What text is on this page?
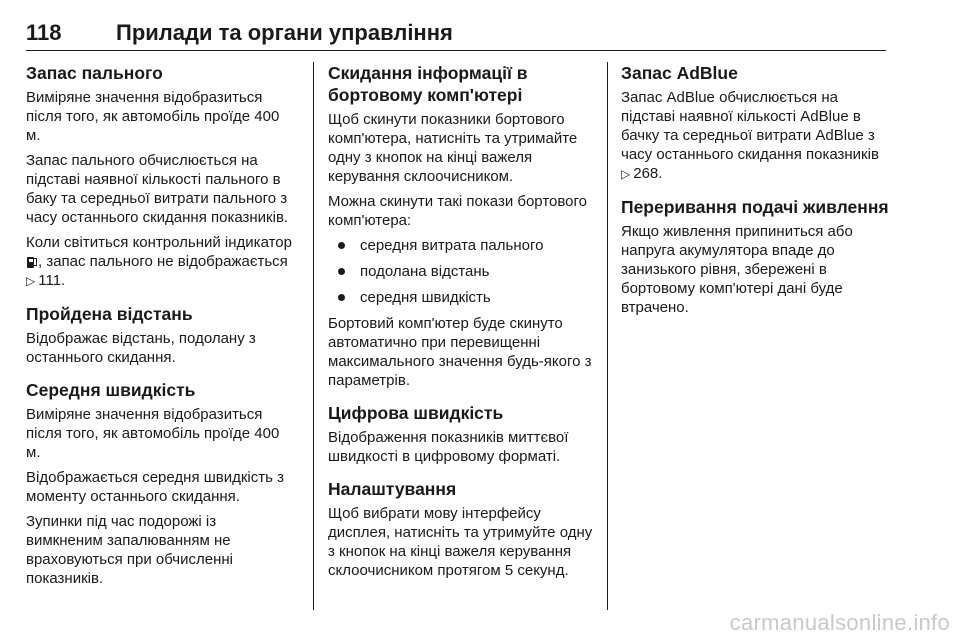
118 Прилади та органи управління
Запас пального

Виміряне значення відобразиться після того, як автомобіль проїде 400 м.

Запас пального обчислюється на підставі наявної кількості пального в баку та середньої витрати пального з часу останнього скидання показників.

Коли світиться контрольний індикатор
, запас пального не відображається ▷ 111.

Пройдена відстань

Відображає відстань, подолану з останнього скидання.

Середня швидкість

Виміряне значення відобразиться після того, як автомобіль проїде 400 м.

Відображається середня швидкість з моменту останнього скидання.

Зупинки під час подорожі із вимкненим запалюванням не враховуються при обчисленні показників.

Скидання інформації в бортовому комп'ютері

Щоб скинути показники бортового комп'ютера, натисніть та утримайте одну з кнопок на кінці важеля керування склоочисником.

Можна скинути такі покази бортового комп'ютера:

середня витрата пального
подолана відстань
середня швидкість

Бортовий комп'ютер буде скинуто автоматично при перевищенні максимального значення будь-якого з параметрів.

Цифрова швидкість

Відображення показників миттєвої швидкості в цифровому форматі.

Налаштування

Щоб вибрати мову інтерфейсу дисплея, натисніть та утримуйте одну з кнопок на кінці важеля керування склоочисником протягом 5 секунд.

Запас AdBlue

Запас AdBlue обчислюється на підставі наявної кількості AdBlue в бачку та середньої витрати AdBlue з часу останнього скидання показників ▷ 268.

Переривання подачі живлення

Якщо живлення припиниться або напруга акумулятора впаде до занизького рівня, збережені в бортовому комп'ютері дані буде втрачено.

carmanualsonline.info
